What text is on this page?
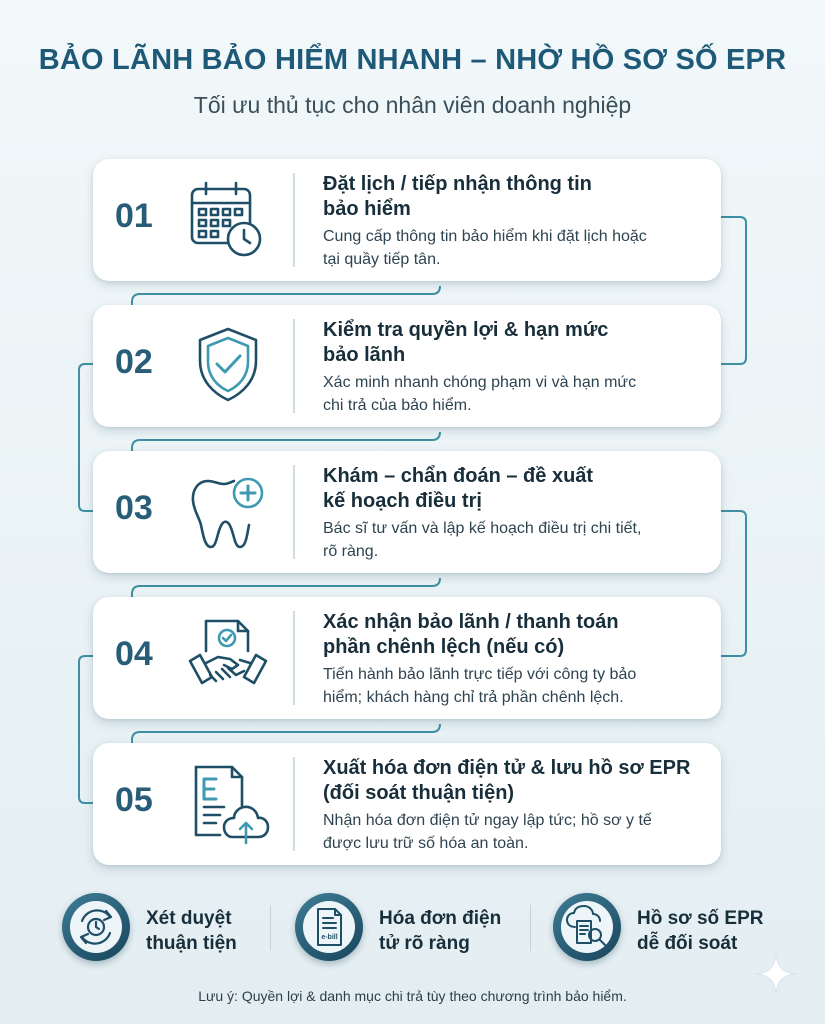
BẢO LÃNH BẢO HIỂM NHANH – NHỜ HỒ SƠ SỐ EPR
Tối ưu thủ tục cho nhân viên doanh nghiệp
01
Đặt lịch / tiếp nhận thông tin
bảo hiểm
Cung cấp thông tin bảo hiểm khi đặt lịch hoặc
tại quầy tiếp tân.
02
Kiểm tra quyền lợi & hạn mức
bảo lãnh
Xác minh nhanh chóng phạm vi và hạn mức
chi trả của bảo hiểm.
03
Khám – chẩn đoán – đề xuất
kế hoạch điều trị
Bác sĩ tư vấn và lập kế hoạch điều trị chi tiết,
rõ ràng.
04
Xác nhận bảo lãnh / thanh toán
phần chênh lệch (nếu có)
Tiến hành bảo lãnh trực tiếp với công ty bảo
hiểm; khách hàng chỉ trả phần chênh lệch.
05
Xuất hóa đơn điện tử & lưu hồ sơ EPR
(đối soát thuận tiện)
Nhận hóa đơn điện tử ngay lập tức; hồ sơ y tế
được lưu trữ số hóa an toàn.
Xét duyệt
thuận tiện	e-bill
Hóa đơn điện
tử rõ ràng
Hồ sơ số EPR
dễ đối soát
Lưu ý: Quyền lợi & danh mục chi trả tùy theo chương trình bảo hiểm.
